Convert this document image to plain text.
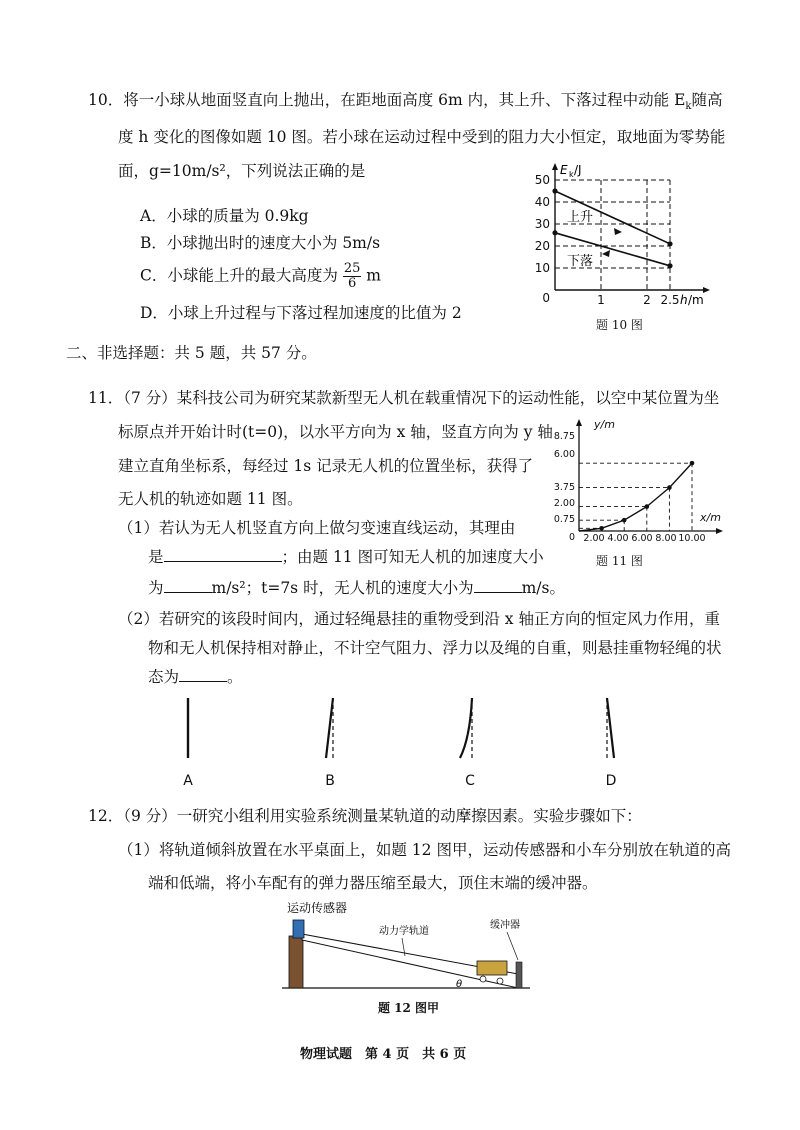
10．将一小球从地面竖直向上抛出，在距地面高度 6m 内，其上升、下落过程中动能 $E_k$随高
度 h 变化的图像如题 10 图。若小球在运动过程中受到的阻力大小恒定，取地面为零势能
面，g=10m/s²，下列说法正确的是
A．小球的质量为 0.9kg
B．小球抛出时的速度大小为 5m/s
C．小球能上升的最大高度为 $\frac{25}{6}$ m
D．小球上升过程与下落过程加速度的比值为 2
50
40
30
20
10
0	1	2 2.5 h /m
E k /J
上升
下落
题 10 图
二、非选择题：共 5 题，共 57 分。
11．（7 分）某科技公司为研究某款新型无人机在载重情况下的运动性能，以空中某位置为坐
标原点并开始计时(t=0)，以水平方向为 x 轴，竖直方向为 y 轴
建立直角坐标系，每经过 1s 记录无人机的位置坐标，获得了
无人机的轨迹如题 11 图。
（1）若认为无人机竖直方向上做匀变速直线运动，其理由
是	；由题 11 图可知无人机的加速度大小
为	m/s²；t=7s 时，无人机的速度大小为	m/s。
（2）若研究的该段时间内，通过轻绳悬挂的重物受到沿 x 轴正方向的恒定风力作用，重
物和无人机保持相对静止，不计空气阻力、浮力以及绳的自重，则悬挂重物轻绳的状
态为	。
0
0.75
2.00
3.75
6.00
8.75
2.00 4.00 6.00 8.00 10.00
y/m
x/m
题 11 图
A	B	C	D
12．（9 分）一研究小组利用实验系统测量某轨道的动摩擦因素。实验步骤如下：
（1）将轨道倾斜放置在水平桌面上，如题 12 图甲，运动传感器和小车分别放在轨道的高
端和低端，将小车配有的弹力器压缩至最大，顶住末端的缓冲器。
θ
运动传感器
动力学轨道
缓冲器
题 12 图甲
物理试题　第 4 页　共 6 页
